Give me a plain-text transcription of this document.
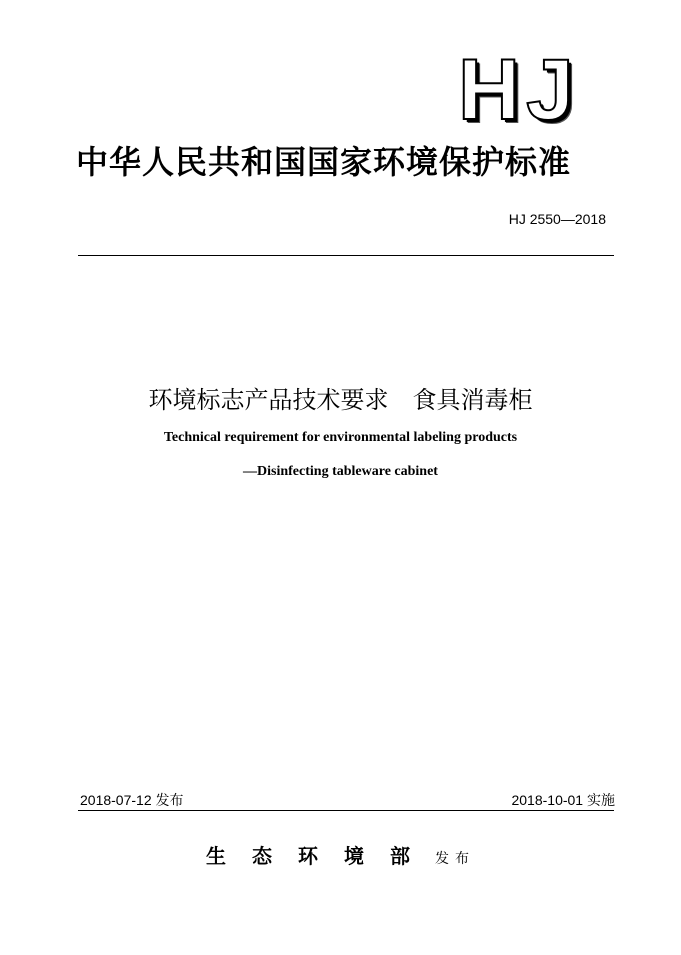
HJ
中华人民共和国国家环境保护标准
HJ 2550—2018
环境标志产品技术要求　食具消毒柜
Technical requirement for environmental labeling products
—Disinfecting tableware cabinet
2018-07-12 发布	2018-10-01 实施
生态环境部 发布
